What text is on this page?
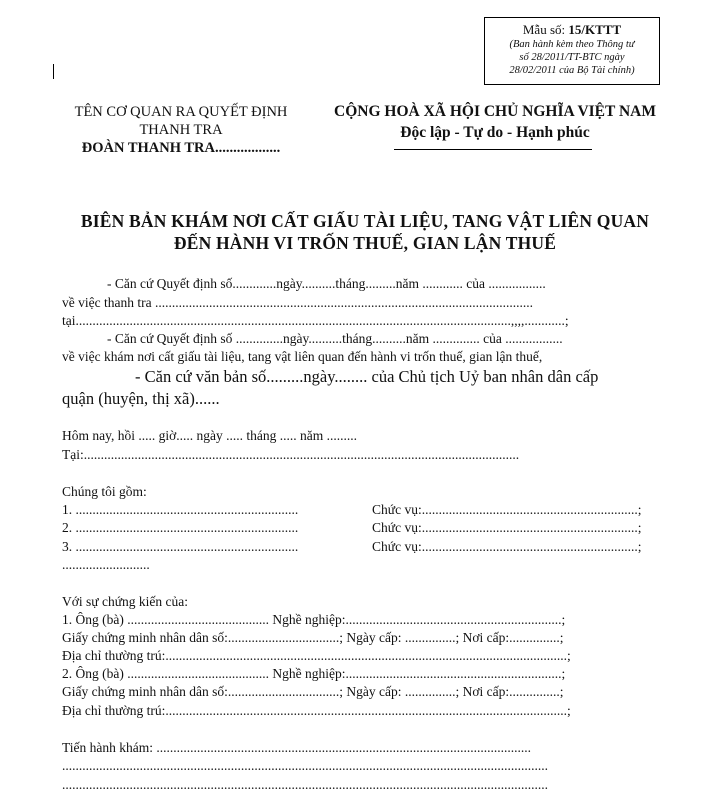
Mẫu số: 15/KTTT
(Ban hành kèm theo Thông tư
số 28/2011/TT-BTC ngày
28/02/2011 của Bộ Tài chính)
TÊN CƠ QUAN RA QUYẾT ĐỊNH
THANH TRA
ĐOÀN THANH TRA..................
CỘNG HOÀ XÃ HỘI CHỦ NGHĨA VIỆT NAM
Độc lập - Tự do - Hạnh phúc
BIÊN BẢN KHÁM NƠI CẤT GIẤU TÀI LIỆU, TANG VẬT LIÊN QUAN
ĐẾN HÀNH VI TRỐN THUẾ, GIAN LẬN THUẾ
- Căn cứ Quyết định số.............ngày..........tháng.........năm ............ của .................
về việc thanh tra ................................................................................................................
tại.................................................................................................................................,,,,............;
- Căn cứ Quyết định số ..............ngày..........tháng..........năm .............. của .................
về việc khám nơi cất giấu tài liệu, tang vật liên quan đến hành vi trốn thuế, gian lận thuế,
- Căn cứ văn bản số.........ngày........ của Chủ tịch Uỷ ban nhân dân cấp
quận (huyện, thị xã)......
Hôm nay, hồi ..... giờ..... ngày ..... tháng ..... năm .........
Tại:.................................................................................................................................
Chúng tôi gồm:
1. ..................................................................	Chức vụ:................................................................;
2. ..................................................................	Chức vụ:................................................................;
3. ..................................................................	Chức vụ:................................................................;
..........................
Với sự chứng kiến của:
1. Ông (bà) .......................................... Nghề nghiệp:................................................................;
Giấy chứng minh nhân dân số:.................................; Ngày cấp: ...............; Nơi cấp:...............;
Địa chỉ thường trú:.......................................................................................................................;
2. Ông (bà) .......................................... Nghề nghiệp:................................................................;
Giấy chứng minh nhân dân số:.................................; Ngày cấp: ...............; Nơi cấp:...............;
Địa chỉ thường trú:.......................................................................................................................;
Tiến hành khám: ...............................................................................................................
................................................................................................................................................
................................................................................................................................................
